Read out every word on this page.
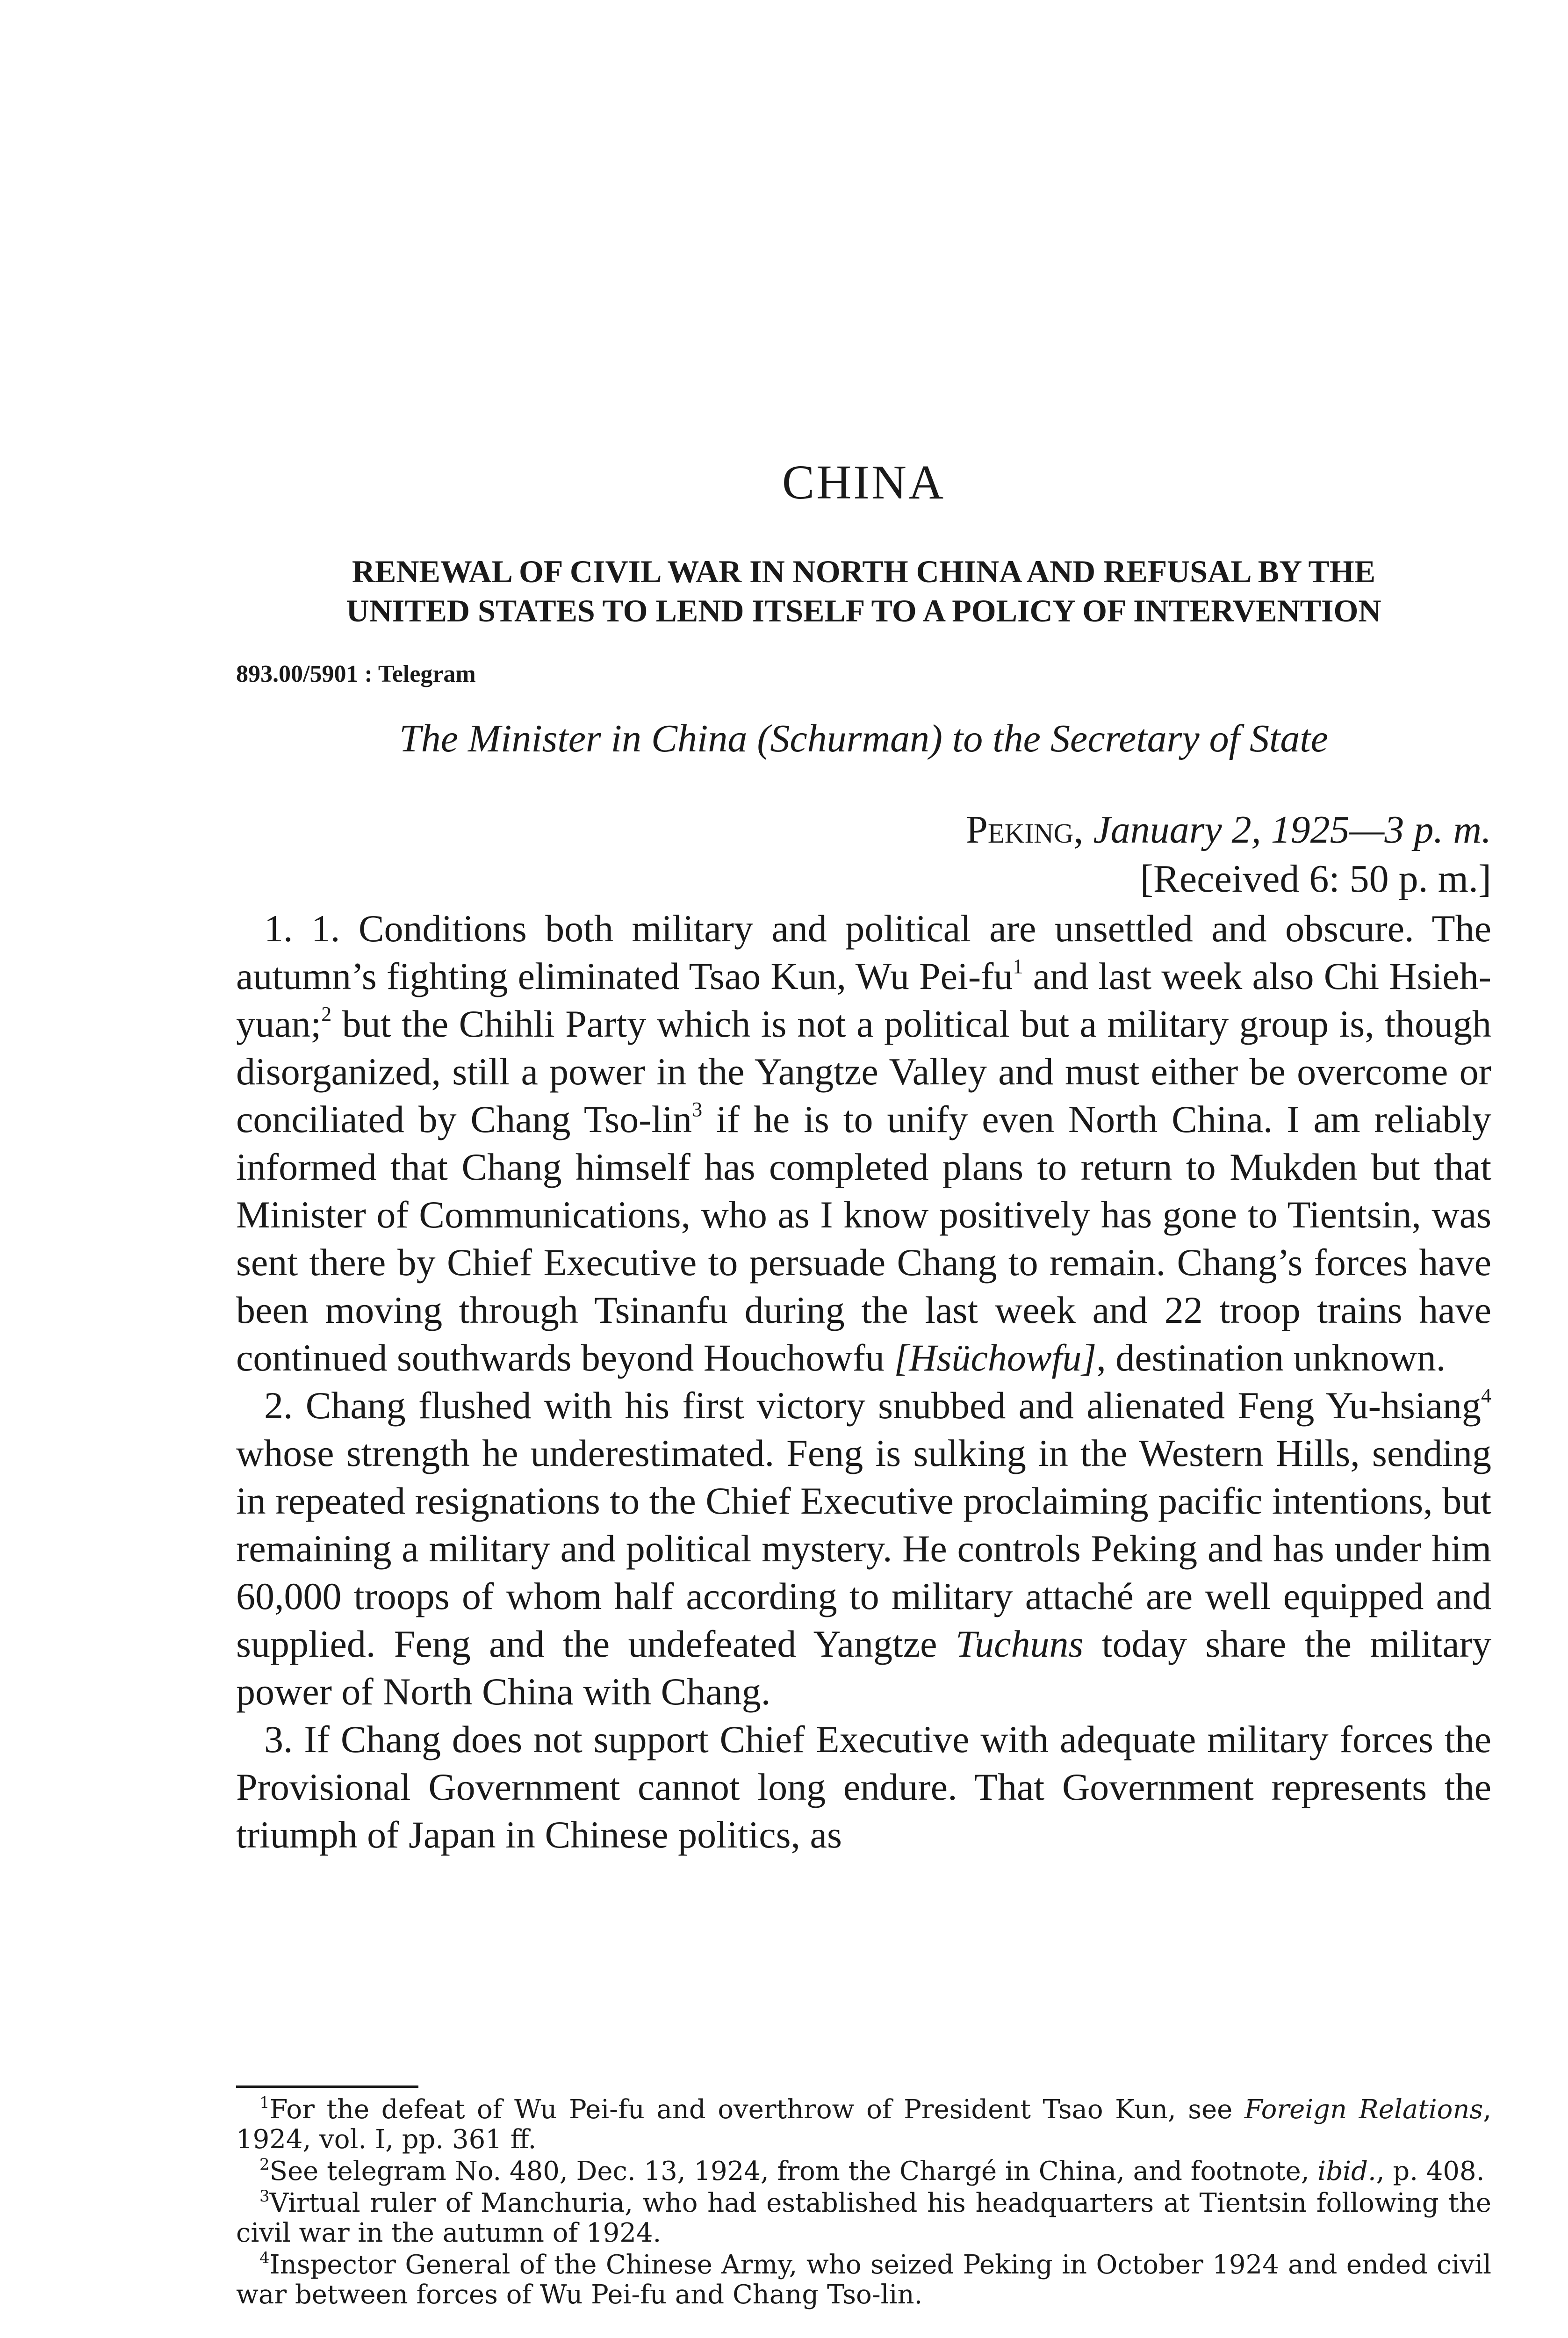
CHINA
RENEWAL OF CIVIL WAR IN NORTH CHINA AND REFUSAL BY THE
UNITED STATES TO LEND ITSELF TO A POLICY OF INTERVENTION
893.00/5901 : Telegram
The Minister in China (Schurman) to the Secretary of State
Peking, January 2, 1925—3 p. m.
[Received 6: 50 p. m.]

1. 1. Conditions both military and political are unsettled and obscure. The autumn’s fighting eliminated Tsao Kun, Wu Pei-$fu^1$ and last week also Chi Hsieh-yuan;$^2$ but the Chihli Party which is not a political but a military group is, though disorganized, still a power in the Yangtze Valley and must either be overcome or conciliated by Chang Tso-lin$^3$ if he is to unify even North China. I am reliably informed that Chang himself has completed plans to return to Mukden but that Minister of Communications, who as I know positively has gone to Tientsin, was sent there by Chief Executive to persuade Chang to remain. Chang’s forces have been moving through Tsinanfu during the last week and 22 troop trains have continued southwards beyond Houchowfu [Hsüchowfu], destination unknown.

2. Chang flushed with his first victory snubbed and alienated Feng Yu-hsiang$^4$ whose strength he underestimated. Feng is sulking in the Western Hills, sending in repeated resignations to the Chief Executive proclaiming pacific intentions, but remaining a military and political mystery. He controls Peking and has under him 60,000 troops of whom half according to military attaché are well equipped and supplied. Feng and the undefeated Yangtze Tuchuns today share the military power of North China with Chang.

3. If Chang does not support Chief Executive with adequate military forces the Provisional Government cannot long endure. That Government represents the triumph of Japan in Chinese politics, as

$^1$For the defeat of Wu Pei-fu and overthrow of President Tsao Kun, see Foreign Relations, 1924, vol. I, pp. 361 ff.

$^2$See telegram No. 480, Dec. 13, 1924, from the Chargé in China, and footnote, ibid., p. 408.

$^3$Virtual ruler of Manchuria, who had established his headquarters at Tientsin following the civil war in the autumn of 1924.

$^4$Inspector General of the Chinese Army, who seized Peking in October 1924 and ended civil war between forces of Wu Pei-fu and Chang Tso-lin.
